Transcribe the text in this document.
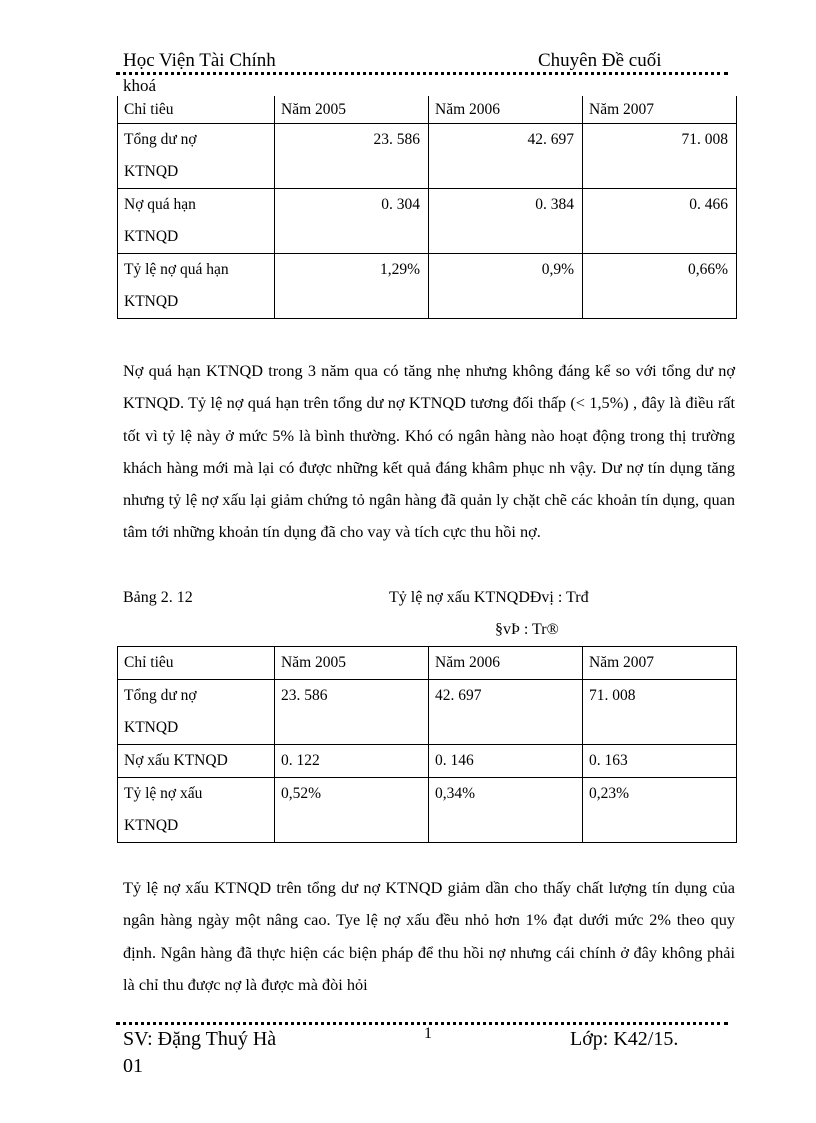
Học Viện Tài Chính	Chuyên Đề cuối
khoá
Chỉ tiêu	Năm 2005	Năm 2006	Năm 2007
Tổng dư nợ
KTNQD	23. 586	42. 697	71. 008
Nợ quá hạn
KTNQD	0. 304	0. 384	0. 466
Tỷ lệ nợ quá hạn
KTNQD	1,29%	0,9%	0,66%
Nợ quá hạn KTNQD trong 3 năm qua có tăng nhẹ nhưng không đáng kể so với tổng dư nợ KTNQD. Tỷ lệ nợ quá hạn trên tổng dư nợ KTNQD tương đối thấp (< 1,5%) , đây là điều rất tốt vì tỷ lệ này ở mức 5% là bình thường. Khó có ngân hàng nào hoạt động trong thị trường khách hàng mới mà lại có được những kết quả đáng khâm phục nh vậy. Dư nợ tín dụng tăng nhưng tỷ lệ nợ xấu lại giảm chứng tỏ ngân hàng đã quản ly chặt chẽ các khoản tín dụng, quan tâm tới những khoản tín dụng đã cho vay và tích cực thu hồi nợ.
Bảng 2. 12	Tỷ lệ nợ xấu KTNQDĐvị : Trđ
§vÞ : Tr®
Chỉ tiêu	Năm 2005	Năm 2006	Năm 2007
Tổng dư nợ
KTNQD	23. 586	42. 697	71. 008
Nợ xấu KTNQD	0. 122	0. 146	0. 163
Tỷ lệ nợ xấu
KTNQD	0,52%	0,34%	0,23%
Tỷ lệ nợ xấu KTNQD trên tổng dư nợ KTNQD giảm dần cho thấy chất lượng tín dụng của ngân hàng ngày một nâng cao. Tye lệ nợ xấu đều nhỏ hơn 1% đạt dưới mức 2% theo quy định. Ngân hàng đã thực hiện các biện pháp để thu hồi nợ nhưng cái chính ở đây không phải là chỉ thu được nợ là được mà đòi hỏi
SV: Đặng Thuý Hà	1	Lớp: K42/15.
01
